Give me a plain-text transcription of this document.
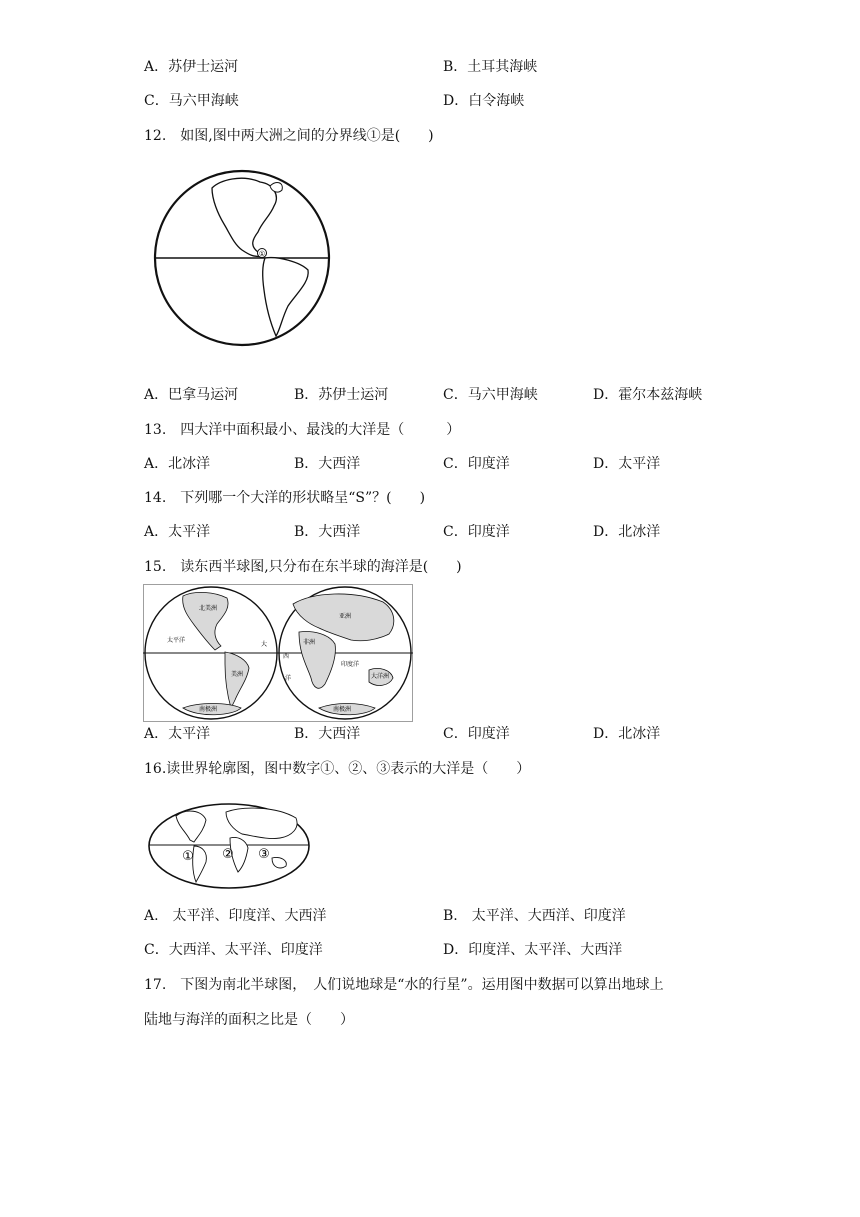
A．苏伊士运河	B．土耳其海峡
C．马六甲海峡	D．白令海峡
12.　如图,图中两大洲之间的分界线①是(　　)
①
A．巴拿马运河	B．苏伊士运河	C．马六甲海峡	D．霍尔本兹海峡
13.　四大洋中面积最小、最浅的大洋是（　　　）
A．北冰洋	B．大西洋	C．印度洋	D．太平洋
14.　下列哪一个大洋的形状略呈“S”？(　　)
A．太平洋	B．大西洋	C．印度洋	D．北冰洋
15.　读东西半球图,只分布在东半球的海洋是(　　)
太平洋
北美洲
美洲
大
南极洲
亚洲
非洲
西
洋
印度洋
大洋洲
南极洲
A．太平洋	B．大西洋	C．印度洋	D．北冰洋
16.读世界轮廓图，图中数字①、②、③表示的大洋是（　　）
① ② ③
A.　太平洋、印度洋、大西洋	B.　太平洋、大西洋、印度洋
C．大西洋、太平洋、印度洋	D．印度洋、太平洋、大西洋
17.　下图为南北半球图，　人们说地球是“水的行星”。运用图中数据可以算出地球上
陆地与海洋的面积之比是（　　）
